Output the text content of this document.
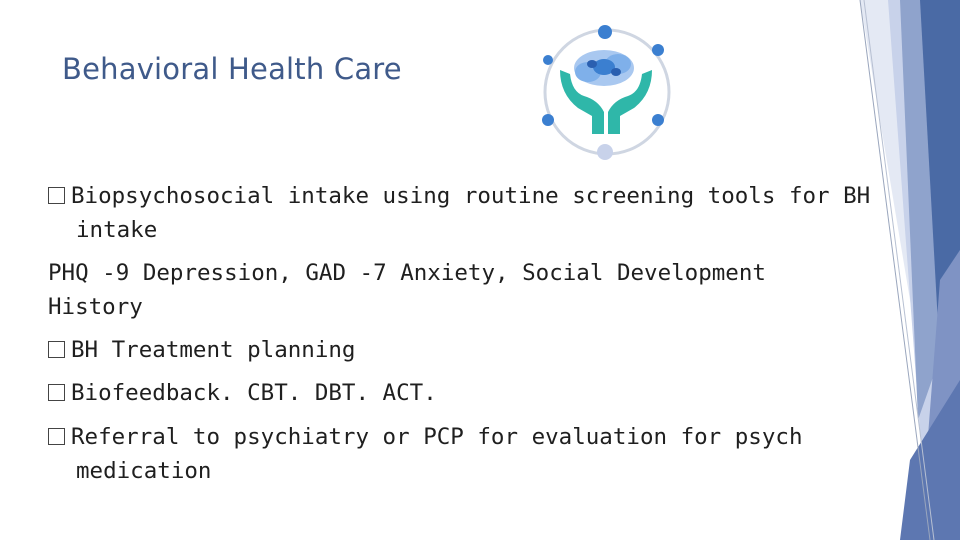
Behavioral Health Care
Biopsychosocial intake using routine screening tools for BH
intake
PHQ -9 Depression, GAD -7 Anxiety, Social Development
History
BH Treatment planning
Biofeedback. CBT. DBT. ACT.
Referral to psychiatry or PCP for evaluation for psych
medication
